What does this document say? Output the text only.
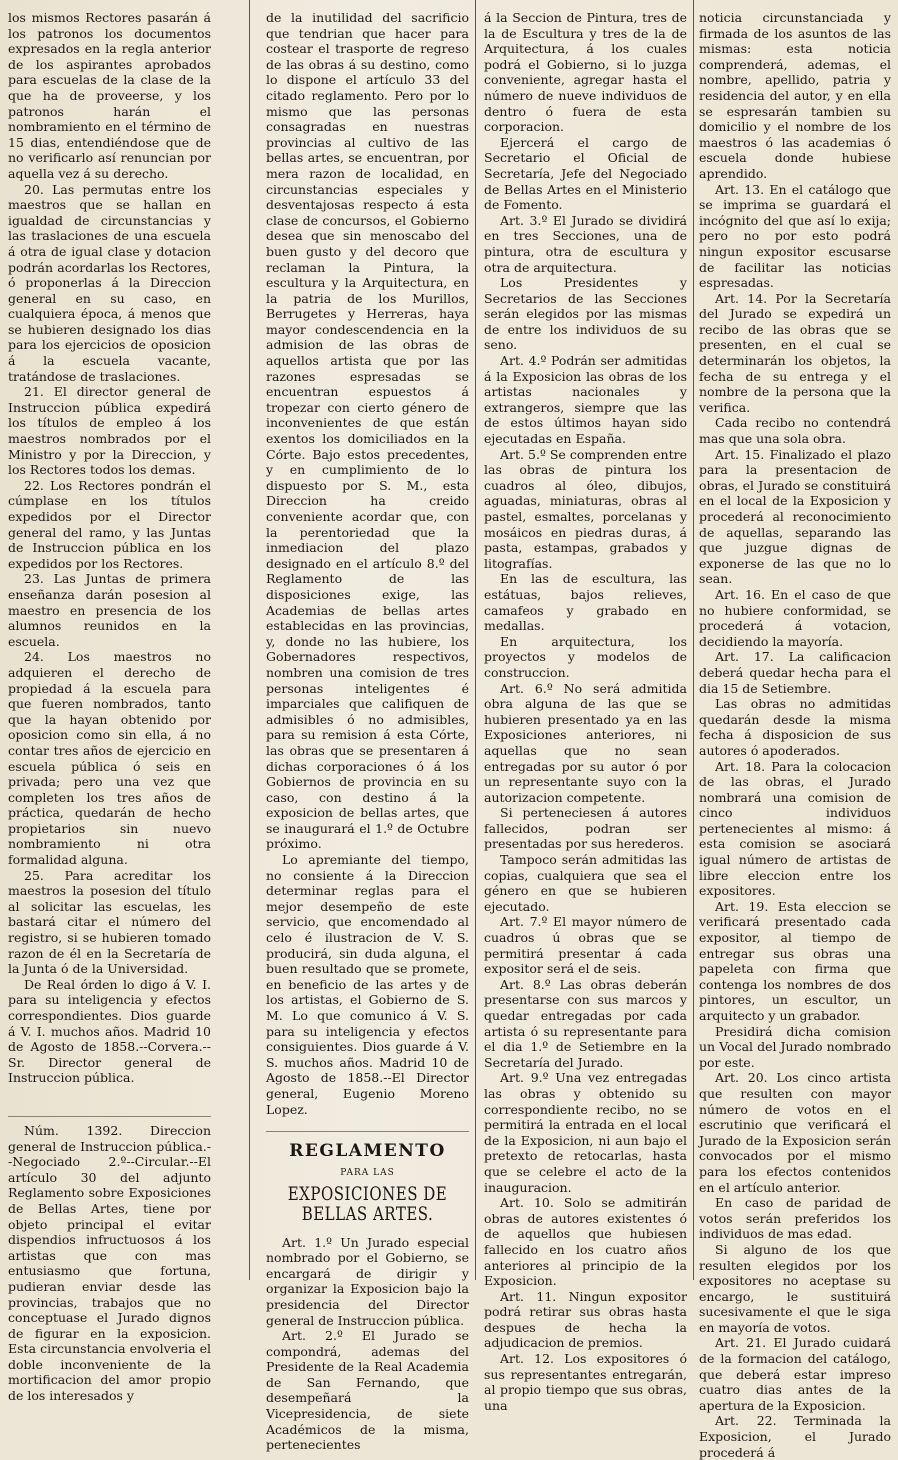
los mismos Rectores pasarán á los patronos los documentos expresados en la regla anterior de los aspirantes aprobados para escuelas de la clase de la que ha de proveerse, y los patronos harán el nombramiento en el término de 15 dias, entendiéndose que de no verificarlo así renuncian por aquella vez á su derecho.

20. Las permutas entre los maestros que se hallan en igualdad de circunstancias y las traslaciones de una escuela á otra de igual clase y dotacion podrán acordarlas los Rectores, ó proponerlas á la Direccion general en su caso, en cualquiera época, á menos que se hubieren designado los dias para los ejercicios de oposicion á la escuela vacante, tratándose de traslaciones.

21. El director general de Instruccion pública expedirá los títulos de empleo á los maestros nombrados por el Ministro y por la Direccion, y los Rectores todos los demas.

22. Los Rectores pondrán el cúmplase en los títulos expedidos por el Director general del ramo, y las Juntas de Instruccion pública en los expedidos por los Rectores.

23. Las Juntas de primera enseñanza darán posesion al maestro en presencia de los alumnos reunidos en la escuela.

24. Los maestros no adquieren el derecho de propiedad á la escuela para que fueren nombrados, tanto que la hayan obtenido por oposicion como sin ella, á no contar tres años de ejercicio en escuela pública ó seis en privada; pero una vez que completen los tres años de práctica, quedarán de hecho propietarios sin nuevo nombramiento ni otra formalidad alguna.

25. Para acreditar los maestros la posesion del título al solicitar las escuelas, les bastará citar el número del registro, si se hubieren tomado razon de él en la Secretaría de la Junta ó de la Universidad.

De Real órden lo digo á V. I. para su inteligencia y efectos correspondientes. Dios guarde á V. I. muchos años. Madrid 10 de Agosto de 1858.--Corvera.--Sr. Director general de Instruccion pública.

Núm. 1392. Direccion general de Instruccion pública.--Negociado 2.º--Circular.--El artículo 30 del adjunto Reglamento sobre Exposiciones de Bellas Artes, tiene por objeto principal el evitar dispendios infructuosos á los artistas que con mas entusiasmo que fortuna, pudieran enviar desde las provincias, trabajos que no conceptuase el Jurado dignos de figurar en la exposicion. Esta circunstancia envolveria el doble inconveniente de la mortificacion del amor propio de los interesados y

de la inutilidad del sacrificio que tendrian que hacer para costear el trasporte de regreso de las obras á su destino, como lo dispone el artículo 33 del citado reglamento. Pero por lo mismo que las personas consagradas en nuestras provincias al cultivo de las bellas artes, se encuentran, por mera razon de localidad, en circunstancias especiales y desventajosas respecto á esta clase de concursos, el Gobierno desea que sin menoscabo del buen gusto y del decoro que reclaman la Pintura, la escultura y la Arquitectura, en la patria de los Murillos, Berrugetes y Herreras, haya mayor condescendencia en la admision de las obras de aquellos artista que por las razones espresadas se encuentran espuestos á tropezar con cierto género de inconvenientes de que están exentos los domiciliados en la Córte. Bajo estos precedentes, y en cumplimiento de lo dispuesto por S. M., esta Direccion ha creido conveniente acordar que, con la perentoriedad que la inmediacion del plazo designado en el artículo 8.º del Reglamento de las disposiciones exige, las Academias de bellas artes establecidas en las provincias, y, donde no las hubiere, los Gobernadores respectivos, nombren una comision de tres personas inteligentes é imparciales que califiquen de admisibles ó no admisibles, para su remision á esta Córte, las obras que se presentaren á dichas corporaciones ó á los Gobiernos de provincia en su caso, con destino á la exposicion de bellas artes, que se inaugurará el 1.º de Octubre próximo.

Lo apremiante del tiempo, no consiente á la Direccion determinar reglas para el mejor desempeño de este servicio, que encomendado al celo é ilustracion de V. S. producirá, sin duda alguna, el buen resultado que se promete, en beneficio de las artes y de los artistas, el Gobierno de S. M. Lo que comunico á V. S. para su inteligencia y efectos consiguientes. Dios guarde á V. S. muchos años. Madrid 10 de Agosto de 1858.--El Director general, Eugenio Moreno Lopez.

REGLAMENTO
PARA LAS
EXPOSICIONES DE BELLAS ARTES.

Art. 1.º Un Jurado especial nombrado por el Gobierno, se encargará de dirigir y organizar la Exposicion bajo la presidencia del Director general de Instruccion pública.

Art. 2.º El Jurado se compondrá, ademas del Presidente de la Real Academia de San Fernando, que desempeñará la Vicepresidencia, de siete Académicos de la misma, pertenecientes

á la Seccion de Pintura, tres de la de Escultura y tres de la de Arquitectura, á los cuales podrá el Gobierno, si lo juzga conveniente, agregar hasta el número de nueve individuos de dentro ó fuera de esta corporacion.

Ejercerá el cargo de Secretario el Oficial de Secretaría, Jefe del Negociado de Bellas Artes en el Ministerio de Fomento.

Art. 3.º El Jurado se dividirá en tres Secciones, una de pintura, otra de escultura y otra de arquitectura.

Los Presidentes y Secretarios de las Secciones serán elegidos por las mismas de entre los individuos de su seno.

Art. 4.º Podrán ser admitidas á la Exposicion las obras de los artistas nacionales y extrangeros, siempre que las de estos últimos hayan sido ejecutadas en España.

Art. 5.º Se comprenden entre las obras de pintura los cuadros al óleo, dibujos, aguadas, miniaturas, obras al pastel, esmaltes, porcelanas y mosáicos en piedras duras, á pasta, estampas, grabados y litografías.

En las de escultura, las estátuas, bajos relieves, camafeos y grabado en medallas.

En arquitectura, los proyectos y modelos de construccion.

Art. 6.º No será admitida obra alguna de las que se hubieren presentado ya en las Exposiciones anteriores, ni aquellas que no sean entregadas por su autor ó por un representante suyo con la autorizacion competente.

Si perteneciesen á autores fallecidos, podran ser presentadas por sus herederos.

Tampoco serán admitidas las copias, cualquiera que sea el género en que se hubieren ejecutado.

Art. 7.º El mayor número de cuadros ú obras que se permitirá presentar á cada expositor será el de seis.

Art. 8.º Las obras deberán presentarse con sus marcos y quedar entregadas por cada artista ó su representante para el dia 1.º de Setiembre en la Secretaría del Jurado.

Art. 9.º Una vez entregadas las obras y obtenido su correspondiente recibo, no se permitirá la entrada en el local de la Exposicion, ni aun bajo el pretexto de retocarlas, hasta que se celebre el acto de la inauguracion.

Art. 10. Solo se admitirán obras de autores existentes ó de aquellos que hubiesen fallecido en los cuatro años anteriores al principio de la Exposicion.

Art. 11. Ningun expositor podrá retirar sus obras hasta despues de hecha la adjudicacion de premios.

Art. 12. Los expositores ó sus representantes entregarán, al propio tiempo que sus obras, una

noticia circunstanciada y firmada de los asuntos de las mismas: esta noticia comprenderá, ademas, el nombre, apellido, patria y residencia del autor, y en ella se espresarán tambien su domicilio y el nombre de los maestros ó las academias ó escuela donde hubiese aprendido.

Art. 13. En el catálogo que se imprima se guardará el incógnito del que así lo exija; pero no por esto podrá ningun expositor escusarse de facilitar las noticias espresadas.

Art. 14. Por la Secretaría del Jurado se expedirá un recibo de las obras que se presenten, en el cual se determinarán los objetos, la fecha de su entrega y el nombre de la persona que la verifica.

Cada recibo no contendrá mas que una sola obra.

Art. 15. Finalizado el plazo para la presentacion de obras, el Jurado se constituirá en el local de la Exposicion y procederá al reconocimiento de aquellas, separando las que juzgue dignas de exponerse de las que no lo sean.

Art. 16. En el caso de que no hubiere conformidad, se procederá á votacion, decidiendo la mayoría.

Art. 17. La calificacion deberá quedar hecha para el dia 15 de Setiembre.

Las obras no admitidas quedarán desde la misma fecha á disposicion de sus autores ó apoderados.

Art. 18. Para la colocacion de las obras, el Jurado nombrará una comision de cinco individuos pertenecientes al mismo: á esta comision se asociará igual número de artistas de libre eleccion entre los expositores.

Art. 19. Esta eleccion se verificará presentado cada expositor, al tiempo de entregar sus obras una papeleta con firma que contenga los nombres de dos pintores, un escultor, un arquitecto y un grabador.

Presidirá dicha comision un Vocal del Jurado nombrado por este.

Art. 20. Los cinco artista que resulten con mayor número de votos en el escrutinio que verificará el Jurado de la Exposicion serán convocados por el mismo para los efectos contenidos en el artículo anterior.

En caso de paridad de votos serán preferidos los individuos de mas edad.

Si alguno de los que resulten elegidos por los expositores no aceptase su encargo, le sustituirá sucesivamente el que le siga en mayoría de votos.

Art. 21. El Jurado cuidará de la formacion del catálogo, que deberá estar impreso cuatro dias antes de la apertura de la Exposicion.

Art. 22. Terminada la Exposicion, el Jurado procederá á
